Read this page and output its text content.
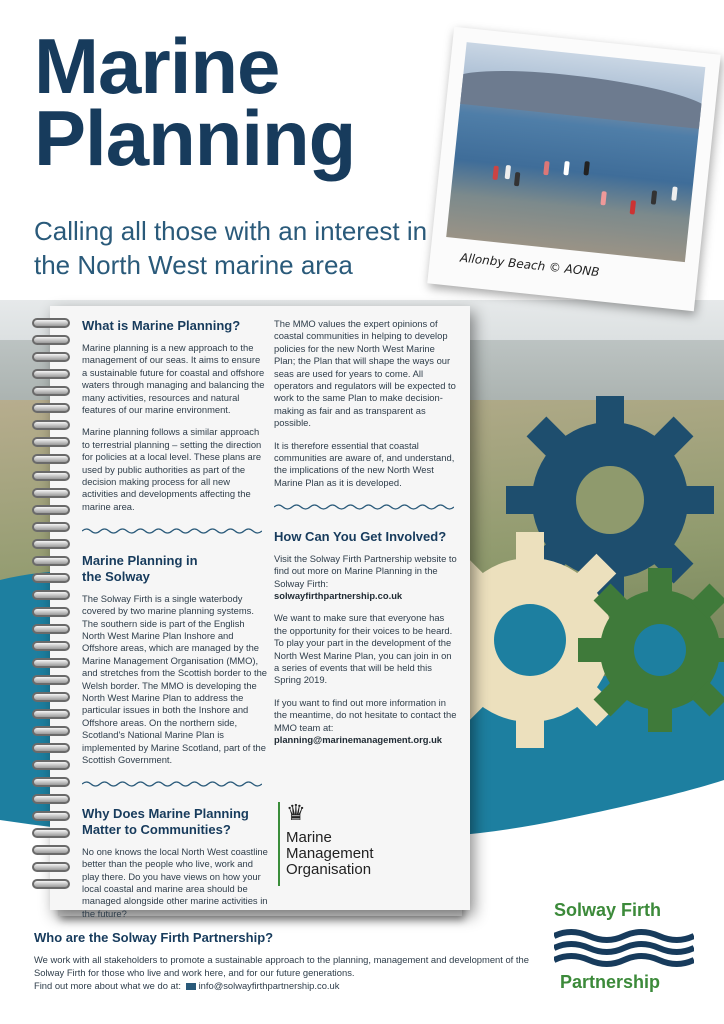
Marine
Planning
Calling all those with an interest in the North West marine area	Allonby Beach © AONB
What is Marine Planning?
Marine planning is a new approach to the management of our seas. It aims to ensure a sustainable future for coastal and offshore waters through managing and balancing the many activities, resources and natural features of our marine environment.
Marine planning follows a similar approach to terrestrial planning – setting the direction for policies at a local level. These plans are used by public authorities as part of the decision making process for all new activities and developments affecting the marine area.
Marine Planning in the Solway
The Solway Firth is a single waterbody covered by two marine planning systems. The southern side is part of the English North West Marine Plan Inshore and Offshore areas, which are managed by the Marine Management Organisation (MMO), and stretches from the Scottish border to the Welsh border. The MMO is developing the North West Marine Plan to address the particular issues in both the Inshore and Offshore areas. On the northern side, Scotland's National Marine Plan is implemented by Marine Scotland, part of the Scottish Government.
Why Does Marine Planning Matter to Communities?
No one knows the local North West coastline better than the people who live, work and play there. Do you have views on how your local coastal and marine area should be managed alongside other marine activities in the future?
The MMO values the expert opinions of coastal communities in helping to develop policies for the new North West Marine Plan; the Plan that will shape the ways our seas are used for years to come. All operators and regulators will be expected to work to the same Plan to make decision-making as fair and as transparent as possible.
It is therefore essential that coastal communities are aware of, and understand, the implications of the new North West Marine Plan as it is developed.
How Can You Get Involved?
Visit the Solway Firth Partnership website to find out more on Marine Planning in the Solway Firth:
solwayfirthpartnership.co.uk
We want to make sure that everyone has the opportunity for their voices to be heard. To play your part in the development of the North West Marine Plan, you can join in on a series of events that will be held this Spring 2019.
If you want to find out more information in the meantime, do not hesitate to contact the MMO team at:
planning@marinemanagement.org.uk
♛
Marine
Management
Organisation
Who are the Solway Firth Partnership?
We work with all stakeholders to promote a sustainable approach to the planning, management and development of the Solway Firth for those who live and work here, and for our future generations.
Find out more about what we do at: info@solwayfirthpartnership.co.uk
Solway Firth
Partnership
